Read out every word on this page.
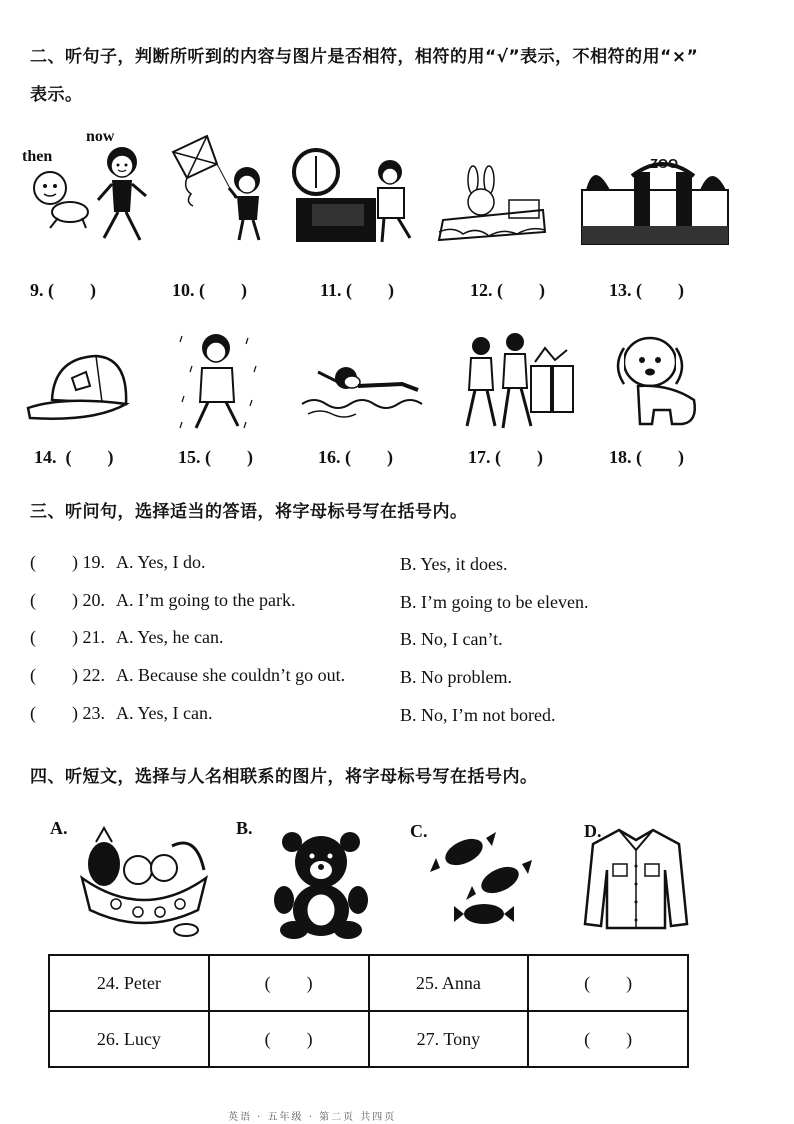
二、听句子，判断所听到的内容与图片是否相符，相符的用“√”表示，不相符的用“×”
表示。
then
now
ZOO
9. (        )	10. (        )	11. (        )	12. (        )	13. (        )
14.  (        )	15. (        )	16. (        )	17. (        )	18. (        )
三、听问句，选择适当的答语，将字母标号写在括号内。
(        ) 19. A. Yes, I do.	B. Yes, it does.
(        ) 20. A. I’m going to the park.	B. I’m going to be eleven.
(        ) 21. A. Yes, he can.	B. No, I can’t.
(        ) 22. A. Because she couldn’t go out.	B. No problem.
(        ) 23. A. Yes, I can.	B. No, I’m not bored.
四、听短文，选择与人名相联系的图片，将字母标号写在括号内。
A.	B.	C.	D.
24. Peter	(        )	25. Anna	(        )
26. Lucy	(        )	27. Tony	(        )
英语 · 五年级 · 第二页 共四页
